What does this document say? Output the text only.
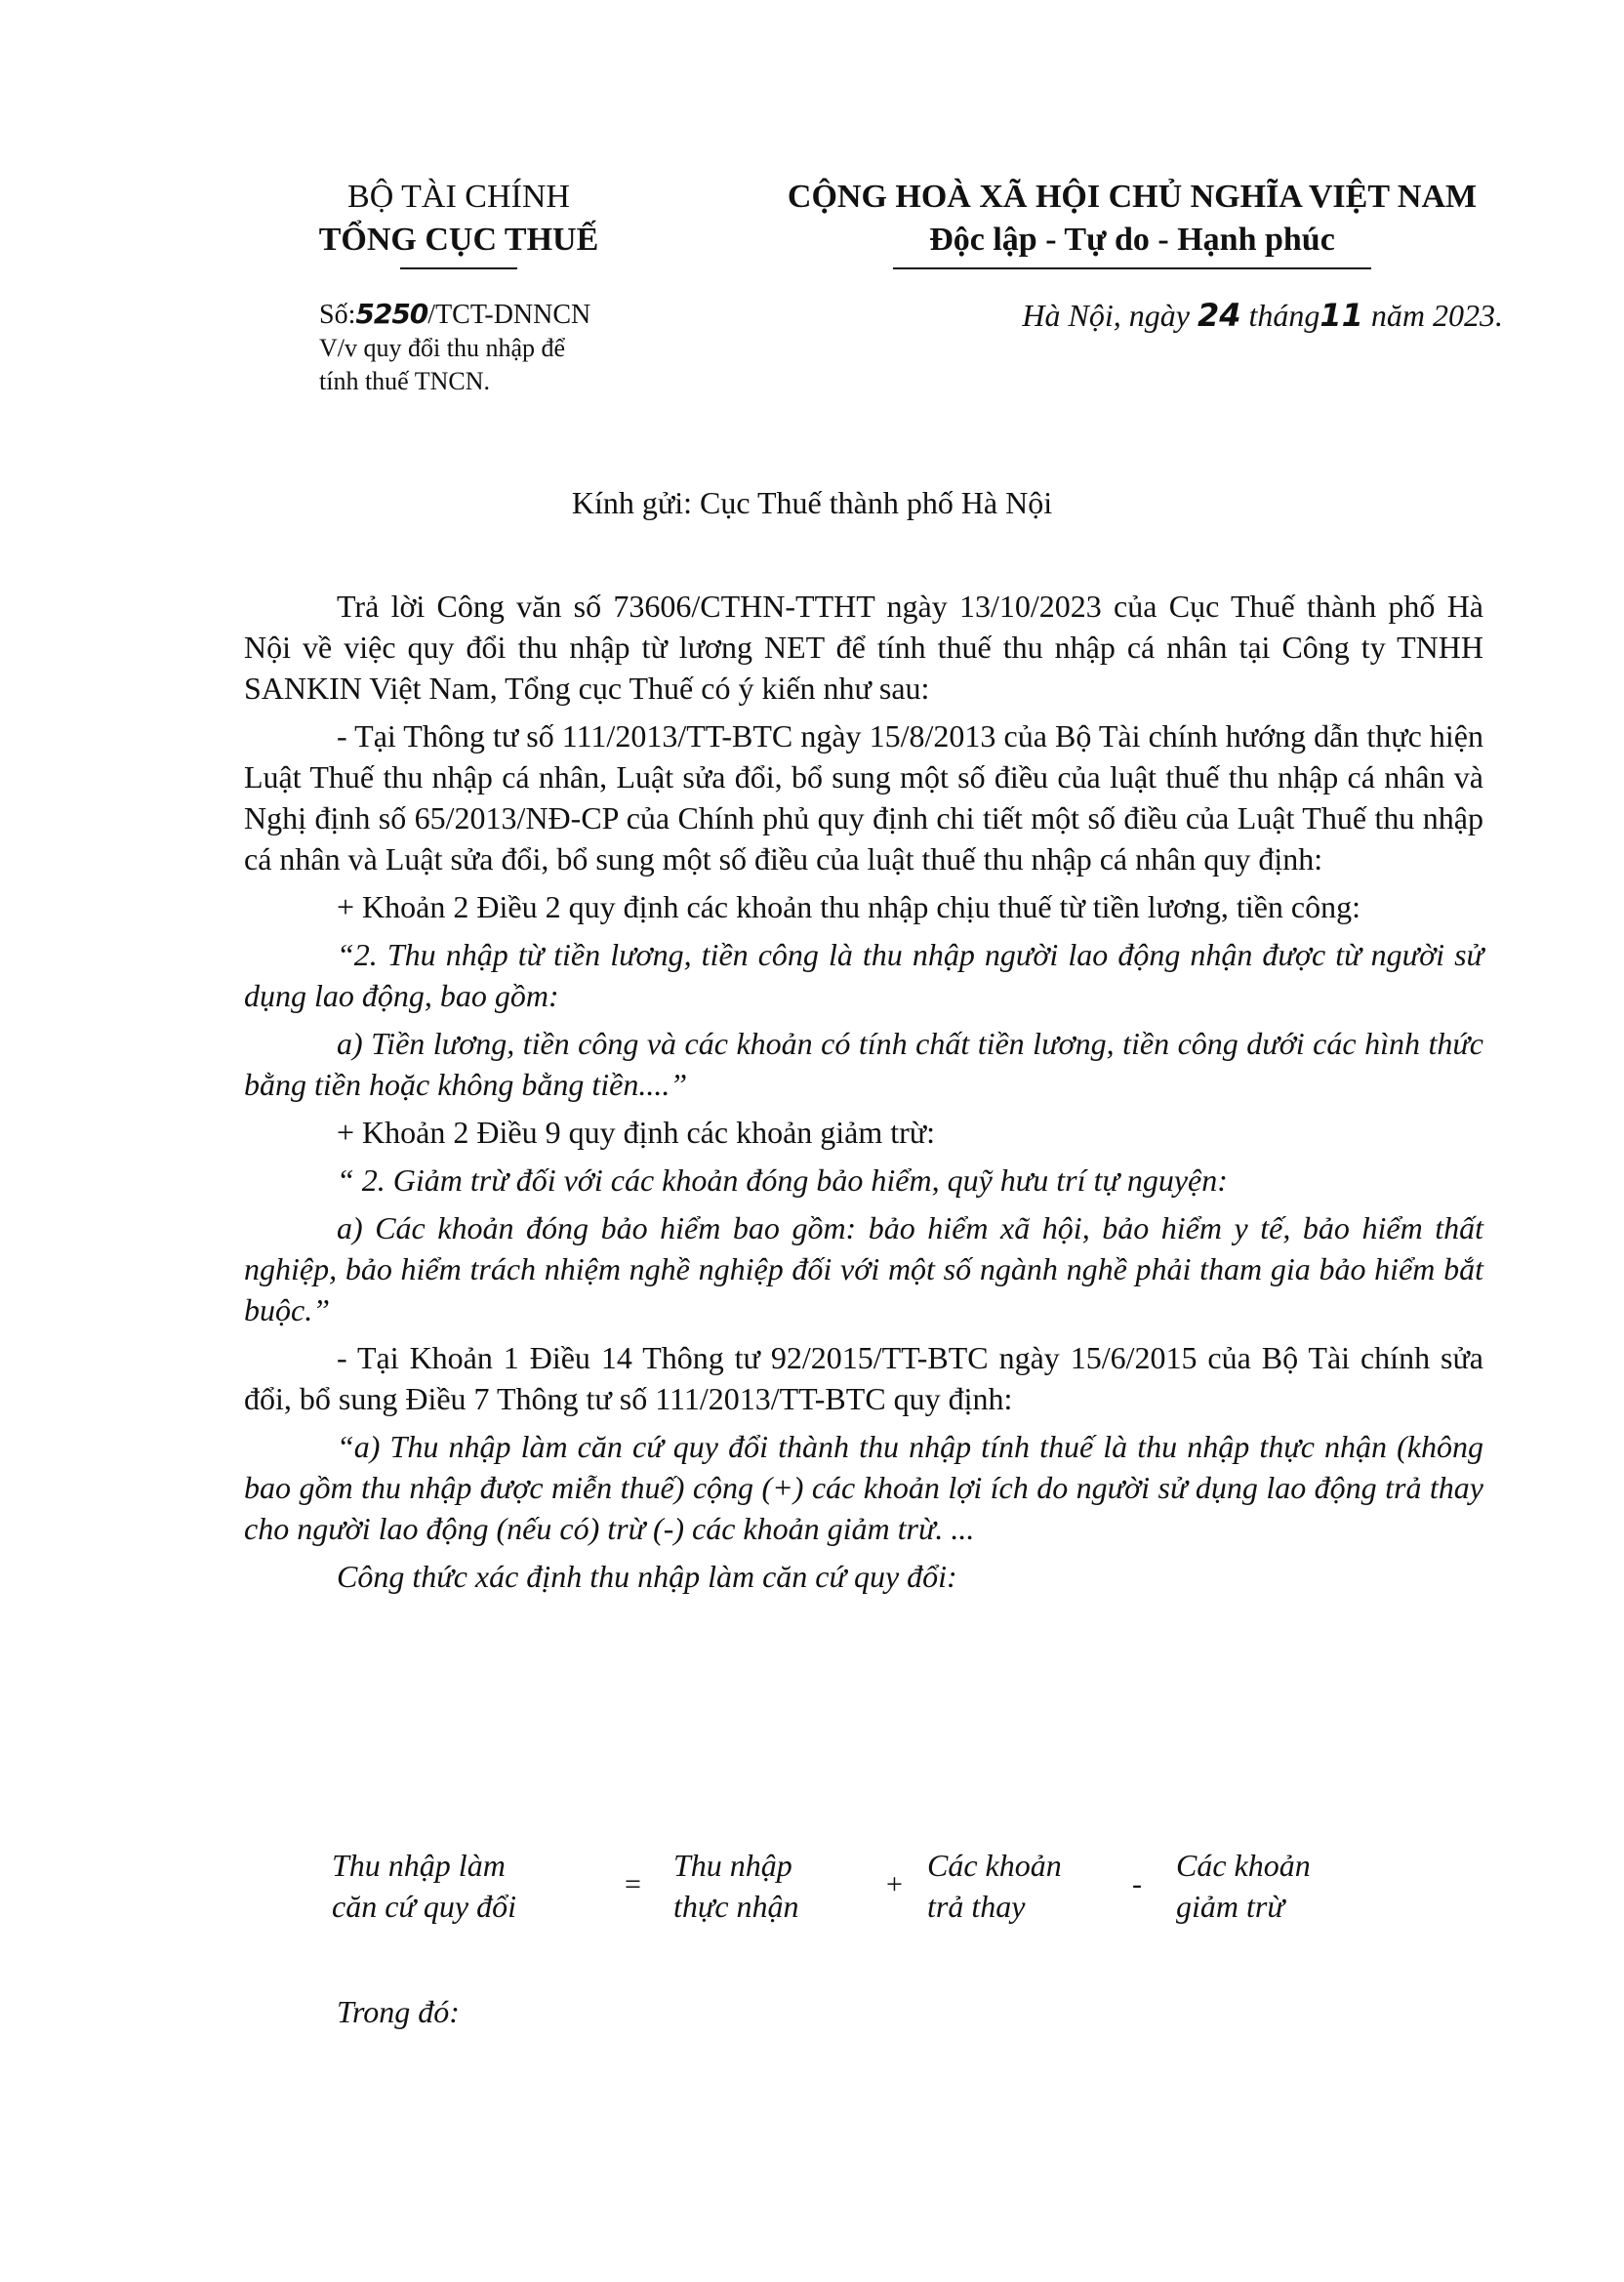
BỘ TÀI CHÍNH
TỔNG CỤC THUẾ
CỘNG HOÀ XÃ HỘI CHỦ NGHĨA VIỆT NAM
Độc lập - Tự do - Hạnh phúc
Số:5250/TCT-DNNCN
V/v quy đổi thu nhập để
tính thuế TNCN.
Hà Nội, ngày 24 tháng11 năm 2023.
Kính gửi: Cục Thuế thành phố Hà Nội

Trả lời Công văn số 73606/CTHN-TTHT ngày 13/10/2023 của Cục Thuế thành phố Hà Nội về việc quy đổi thu nhập từ lương NET để tính thuế thu nhập cá nhân tại Công ty TNHH SANKIN Việt Nam, Tổng cục Thuế có ý kiến như sau:

- Tại Thông tư số 111/2013/TT-BTC ngày 15/8/2013 của Bộ Tài chính hướng dẫn thực hiện Luật Thuế thu nhập cá nhân, Luật sửa đổi, bổ sung một số điều của luật thuế thu nhập cá nhân và Nghị định số 65/2013/NĐ-CP của Chính phủ quy định chi tiết một số điều của Luật Thuế thu nhập cá nhân và Luật sửa đổi, bổ sung một số điều của luật thuế thu nhập cá nhân quy định:

+ Khoản 2 Điều 2 quy định các khoản thu nhập chịu thuế từ tiền lương, tiền công:

“2. Thu nhập từ tiền lương, tiền công là thu nhập người lao động nhận được từ người sử dụng lao động, bao gồm:

a) Tiền lương, tiền công và các khoản có tính chất tiền lương, tiền công dưới các hình thức bằng tiền hoặc không bằng tiền....”

+ Khoản 2 Điều 9 quy định các khoản giảm trừ:

“ 2. Giảm trừ đối với các khoản đóng bảo hiểm, quỹ hưu trí tự nguyện:

a) Các khoản đóng bảo hiểm bao gồm: bảo hiểm xã hội, bảo hiểm y tế, bảo hiểm thất nghiệp, bảo hiểm trách nhiệm nghề nghiệp đối với một số ngành nghề phải tham gia bảo hiểm bắt buộc.”

- Tại Khoản 1 Điều 14 Thông tư 92/2015/TT-BTC ngày 15/6/2015 của Bộ Tài chính sửa đổi, bổ sung Điều 7 Thông tư số 111/2013/TT-BTC quy định:

“a) Thu nhập làm căn cứ quy đổi thành thu nhập tính thuế là thu nhập thực nhận (không bao gồm thu nhập được miễn thuế) cộng (+) các khoản lợi ích do người sử dụng lao động trả thay cho người lao động (nếu có) trừ (-) các khoản giảm trừ. ...

Công thức xác định thu nhập làm căn cứ quy đổi:

Thu nhập làm
căn cứ quy đổi
=
Thu nhập
thực nhận
+
Các khoản
trả thay
-
Các khoản
giảm trừ
Trong đó:
